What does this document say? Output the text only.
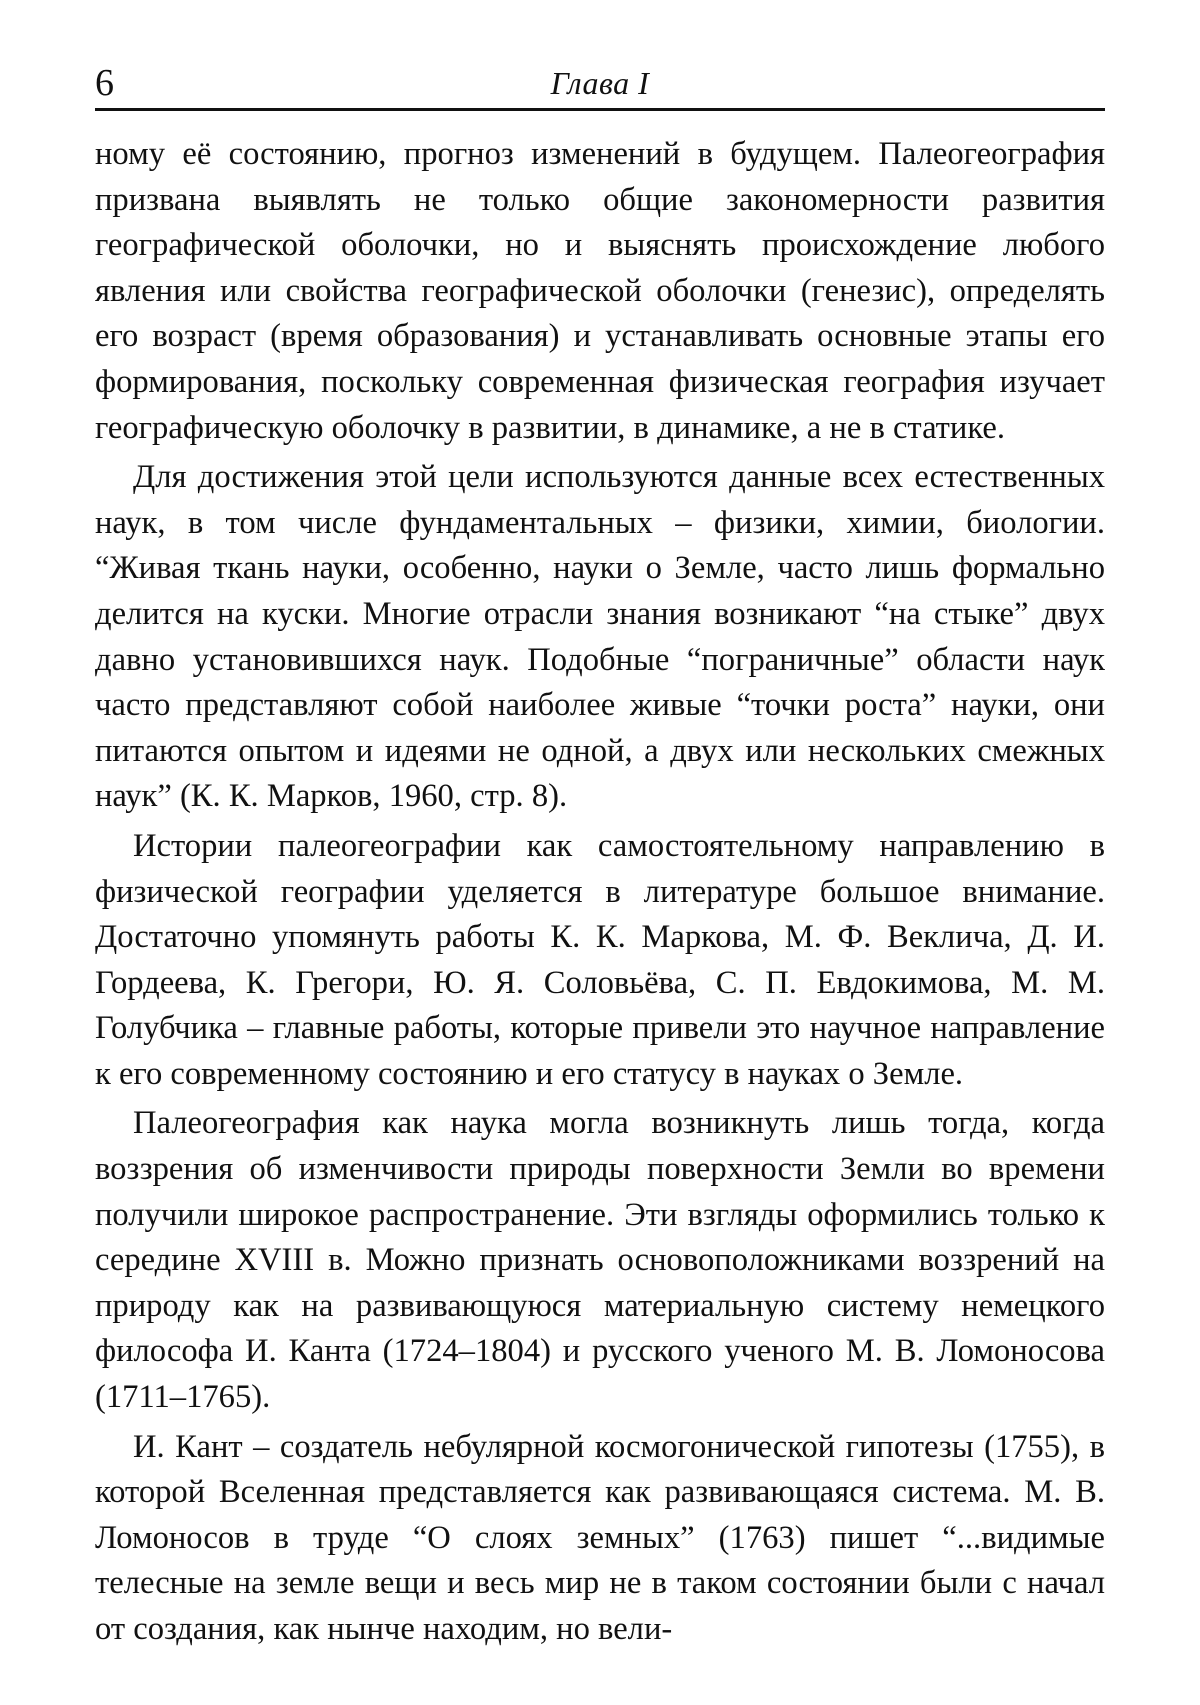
6	Глава I

ному её состоянию, прогноз изменений в будущем. Палеогеография призвана выявлять не только общие закономерности развития географической оболочки, но и выяснять происхождение любого явления или свойства географической оболочки (генезис), определять его возраст (время образования) и устанавливать основные этапы его формирования, поскольку современная физическая география изучает географическую оболочку в развитии, в динамике, а не в статике.

Для достижения этой цели используются данные всех естественных наук, в том числе фундаментальных – физики, химии, биологии. “Живая ткань науки, особенно, науки о Земле, часто лишь формально делится на куски. Многие отрасли знания возникают “на стыке” двух давно установившихся наук. Подобные “пограничные” области наук часто представляют собой наиболее живые “точки роста” науки, они питаются опытом и идеями не одной, а двух или нескольких смежных наук” (К. К. Марков, 1960, стр. 8).

Истории палеогеографии как самостоятельному направлению в физической географии уделяется в литературе большое внимание. Достаточно упомянуть работы К. К. Маркова, М. Ф. Веклича, Д. И. Гордеева, К. Грегори, Ю. Я. Соловьёва, С. П. Евдокимова, М. М. Голубчика – главные работы, которые привели это научное направление к его современному состоянию и его статусу в науках о Земле.

Палеогеография как наука могла возникнуть лишь тогда, когда воззрения об изменчивости природы поверхности Земли во времени получили широкое распространение. Эти взгляды оформились только к середине XVIII в. Можно признать основоположниками воззрений на природу как на развивающуюся материальную систему немецкого философа И. Канта (1724–1804) и русского ученого М. В. Ломоносова (1711–1765).

И. Кант – создатель небулярной космогонической гипотезы (1755), в которой Вселенная представляется как развивающаяся система. М. В. Ломоносов в труде “О слоях земных” (1763) пишет “...видимые телесные на земле вещи и весь мир не в таком состоянии были с начал от создания, как нынче находим, но вели-
